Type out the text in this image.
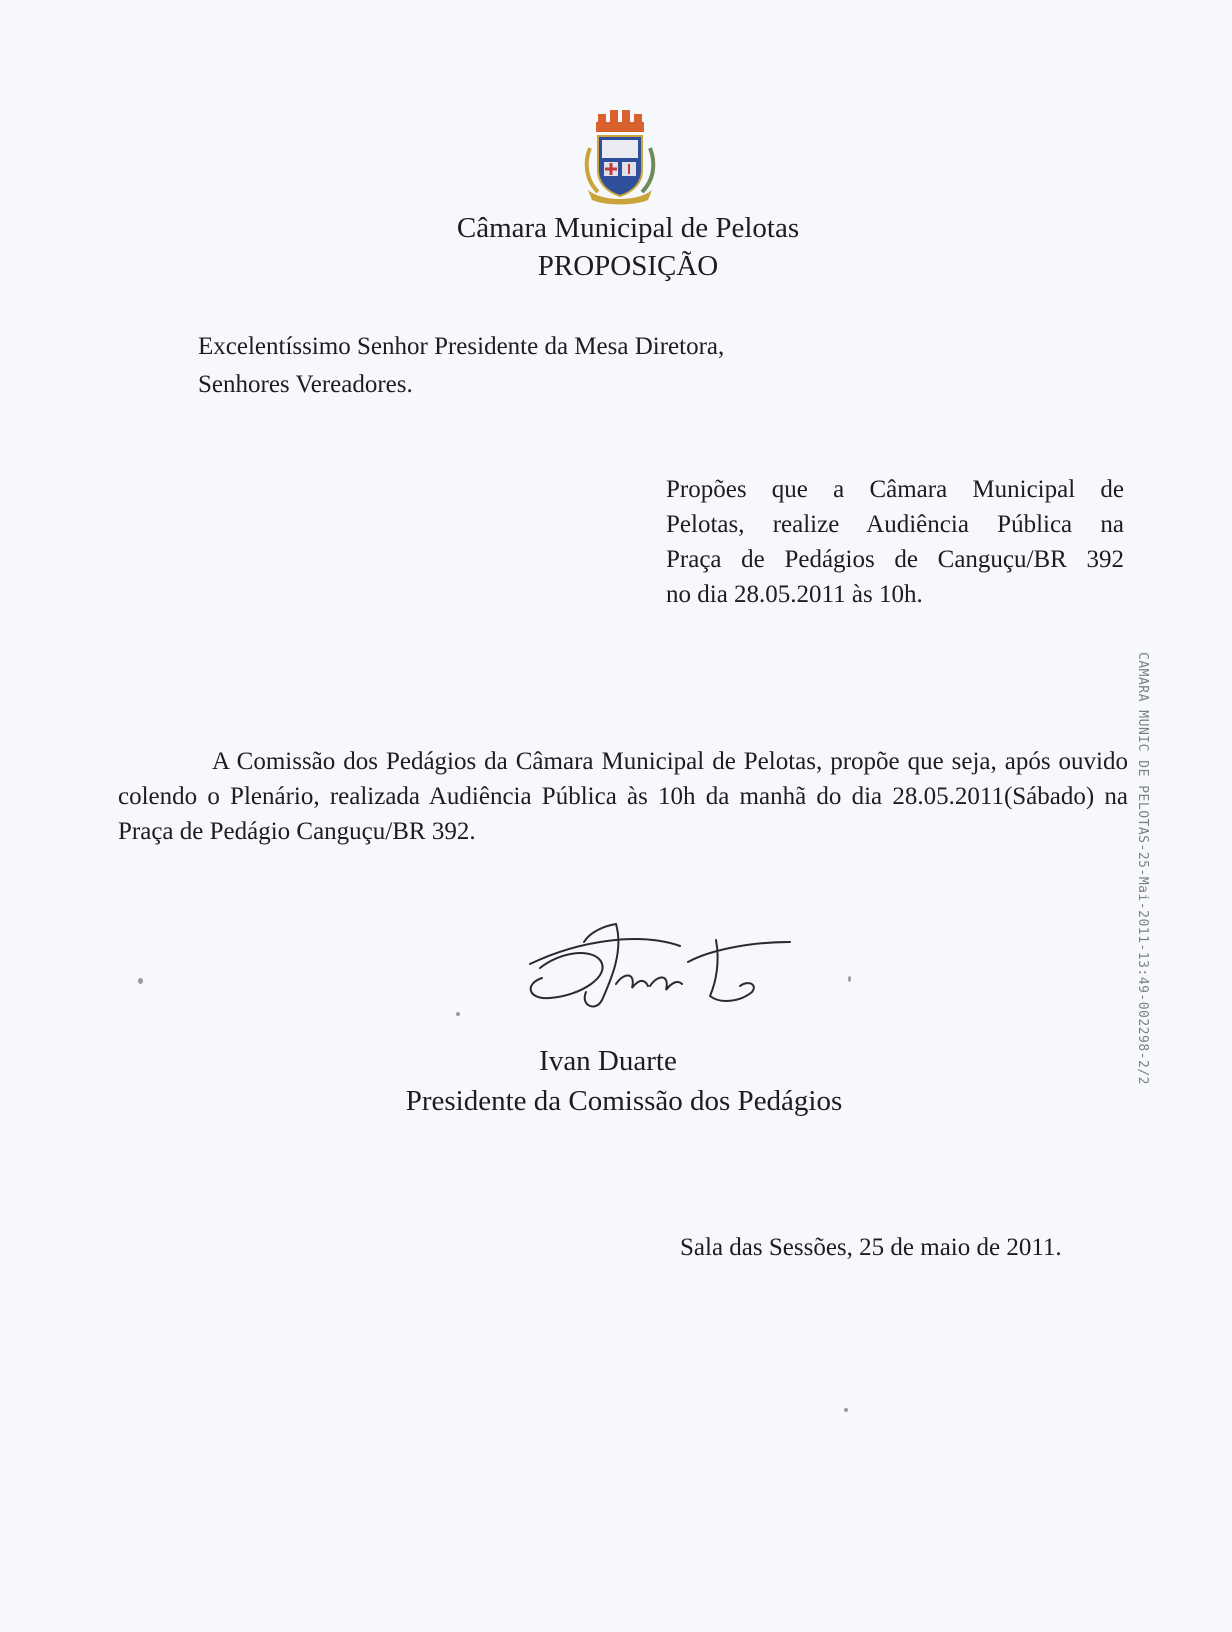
Câmara Municipal de Pelotas
PROPOSIÇÃO
Excelentíssimo Senhor Presidente da Mesa Diretora,
Senhores Vereadores.
Propões que a Câmara Municipal de
Pelotas, realize Audiência Pública na
Praça de Pedágios de Canguçu/BR 392
no dia 28.05.2011 às 10h.
A Comissão dos Pedágios da Câmara Municipal de Pelotas, propõe que seja, após ouvido colendo o Plenário, realizada Audiência Pública às 10h da manhã do dia 28.05.2011(Sábado) na Praça de Pedágio Canguçu/BR 392.	CAMARA MUNIC DE PELOTAS-25-Mai-2011-13:49-002298-2/2
Ivan Duarte
Presidente da Comissão dos Pedágios
Sala das Sessões, 25 de maio de 2011.
